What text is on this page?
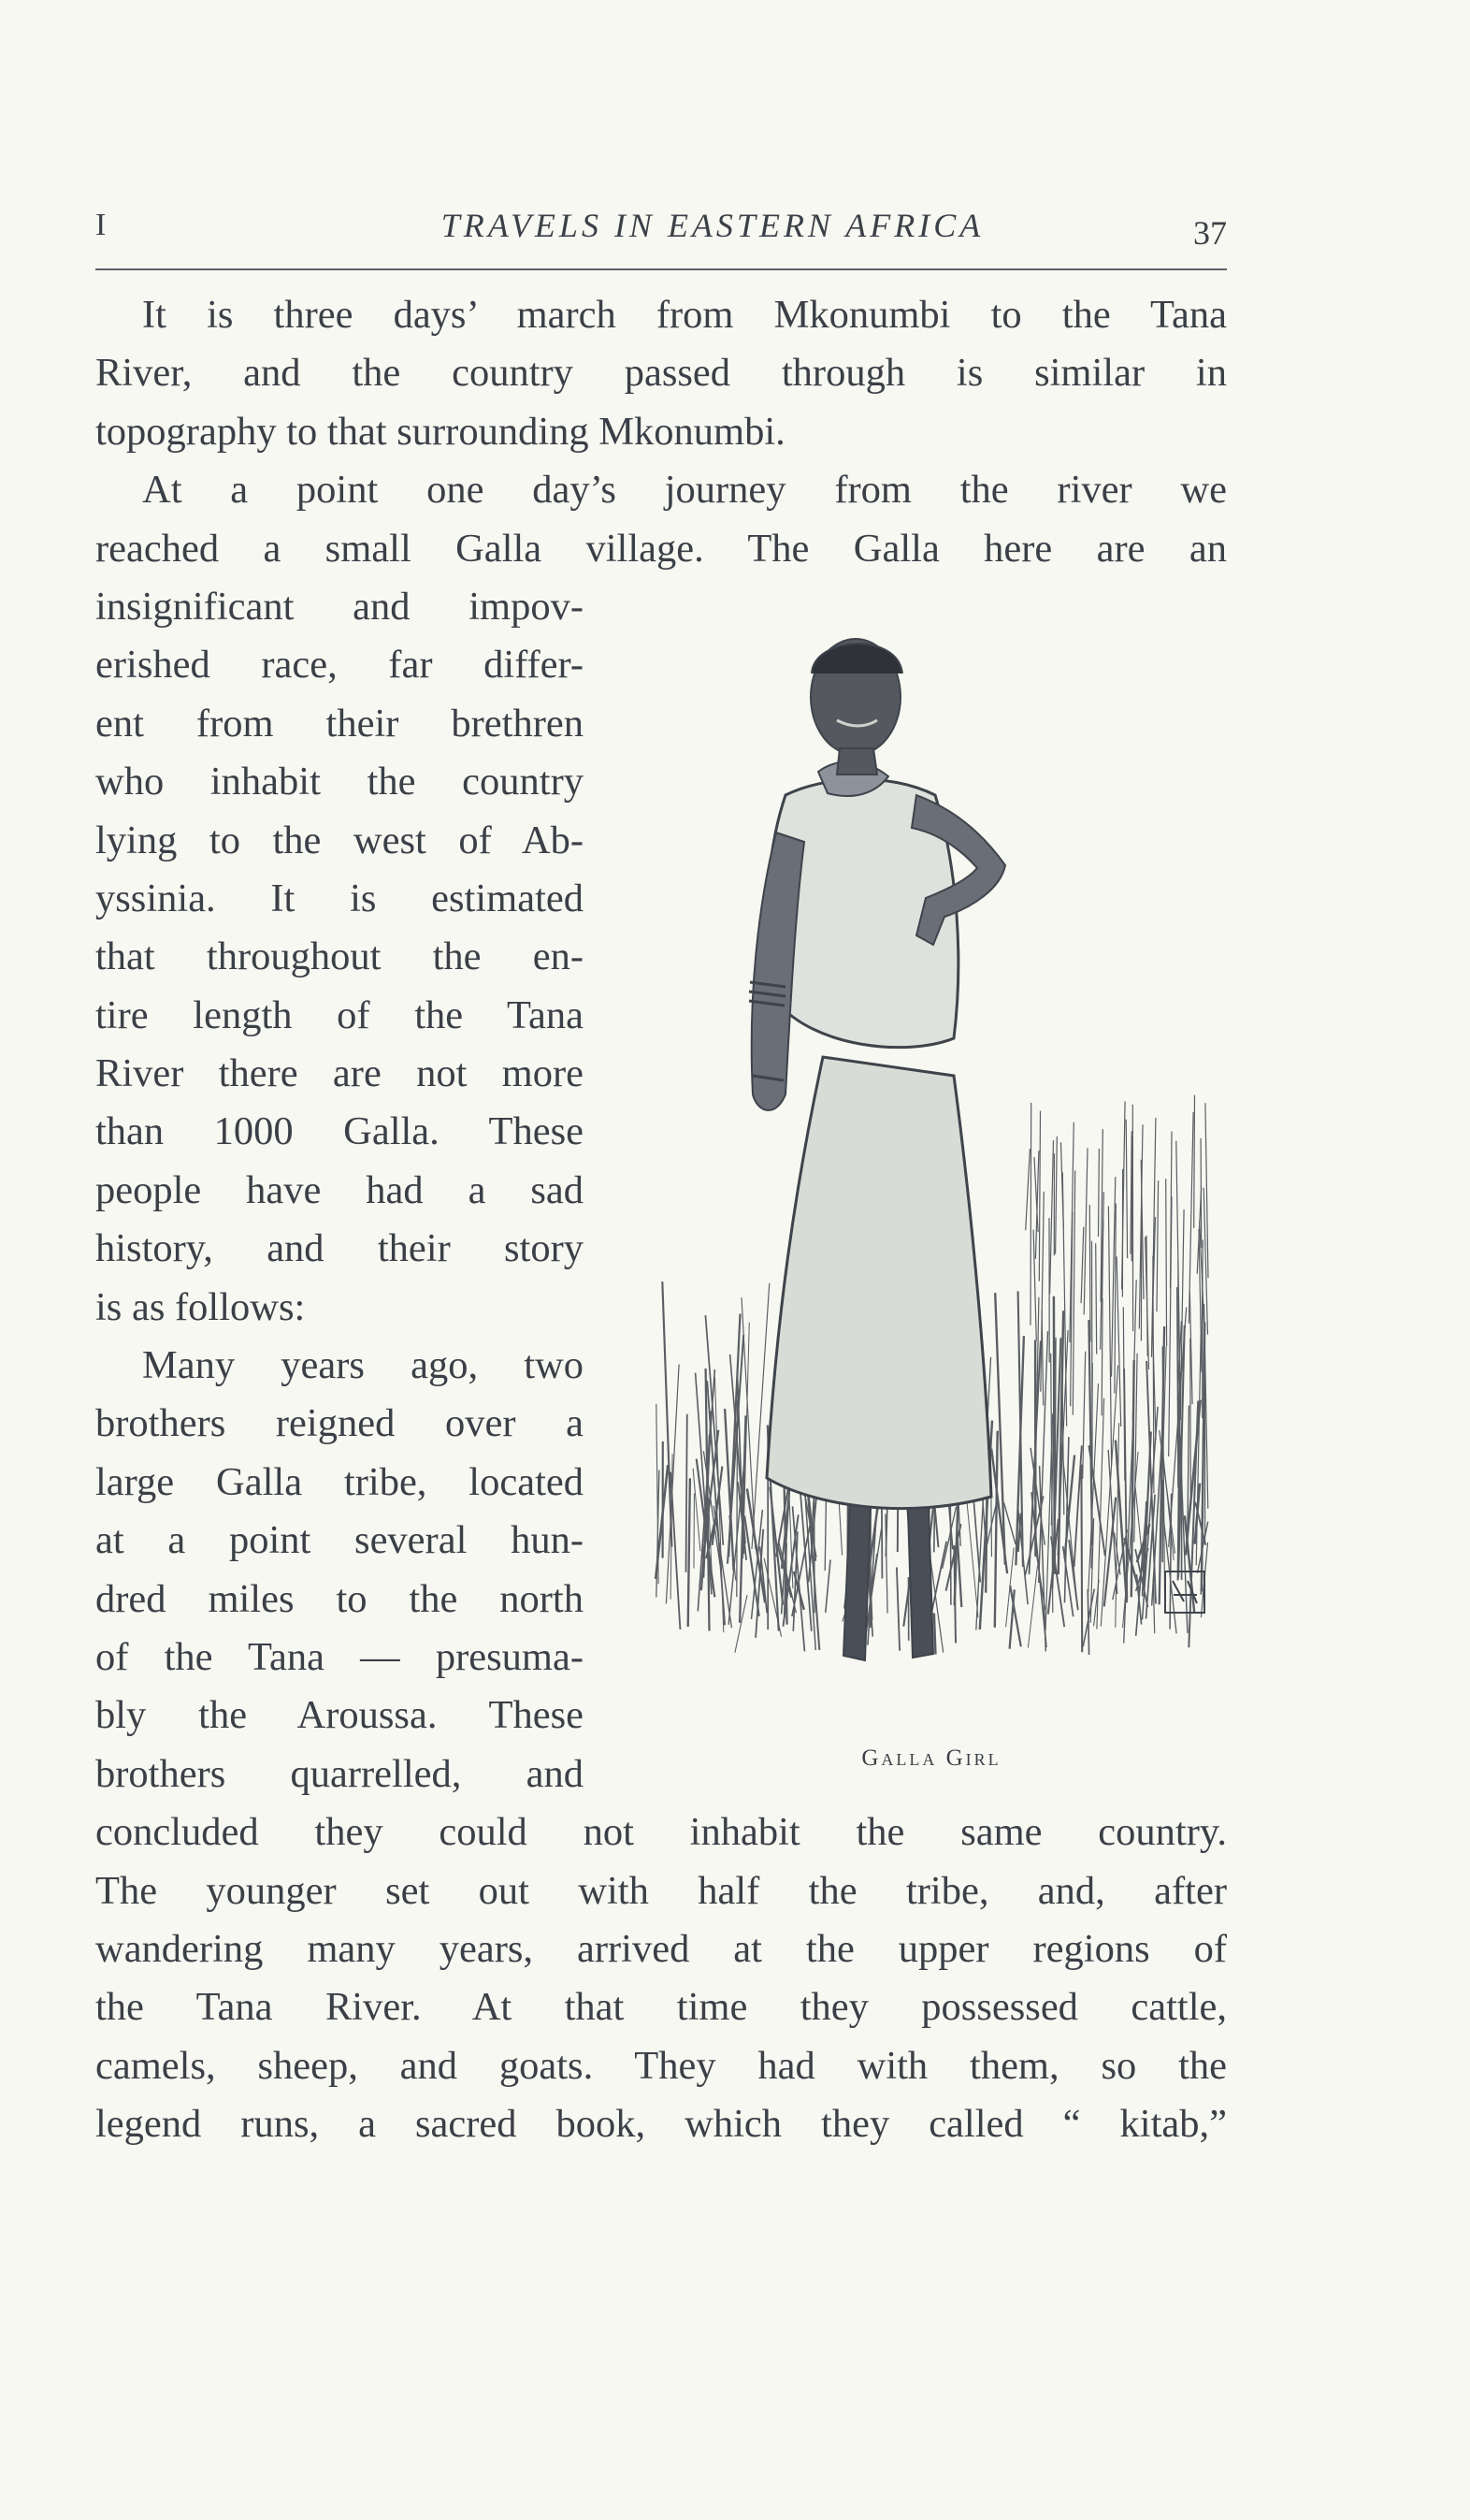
I	TRAVELS IN EASTERN AFRICA	37
It is three days’ march from Mkonumbi to the Tana
River, and the country passed through is similar in
topography to that surrounding Mkonumbi.
At a point one day’s journey from the river we
reached a small Galla village. The Galla here are an
insignificant and impov-
erished race, far differ-
ent from their brethren
who inhabit the country
lying to the west of Ab-
yssinia. It is estimated
that throughout the en-
tire length of the Tana
River there are not more
than 1000 Galla. These
people have had a sad
history, and their story
is as follows:
Many years ago, two
brothers reigned over a
large Galla tribe, located
at a point several hun-
dred miles to the north
of the Tana — presuma-
bly the Aroussa. These
brothers quarrelled, and
concluded they could not inhabit the same country.
The younger set out with half the tribe, and, after
wandering many years, arrived at the upper regions of
the Tana River. At that time they possessed cattle,
camels, sheep, and goats. They had with them, so the
legend runs, a sacred book, which they called “ kitab,”
Galla Girl
